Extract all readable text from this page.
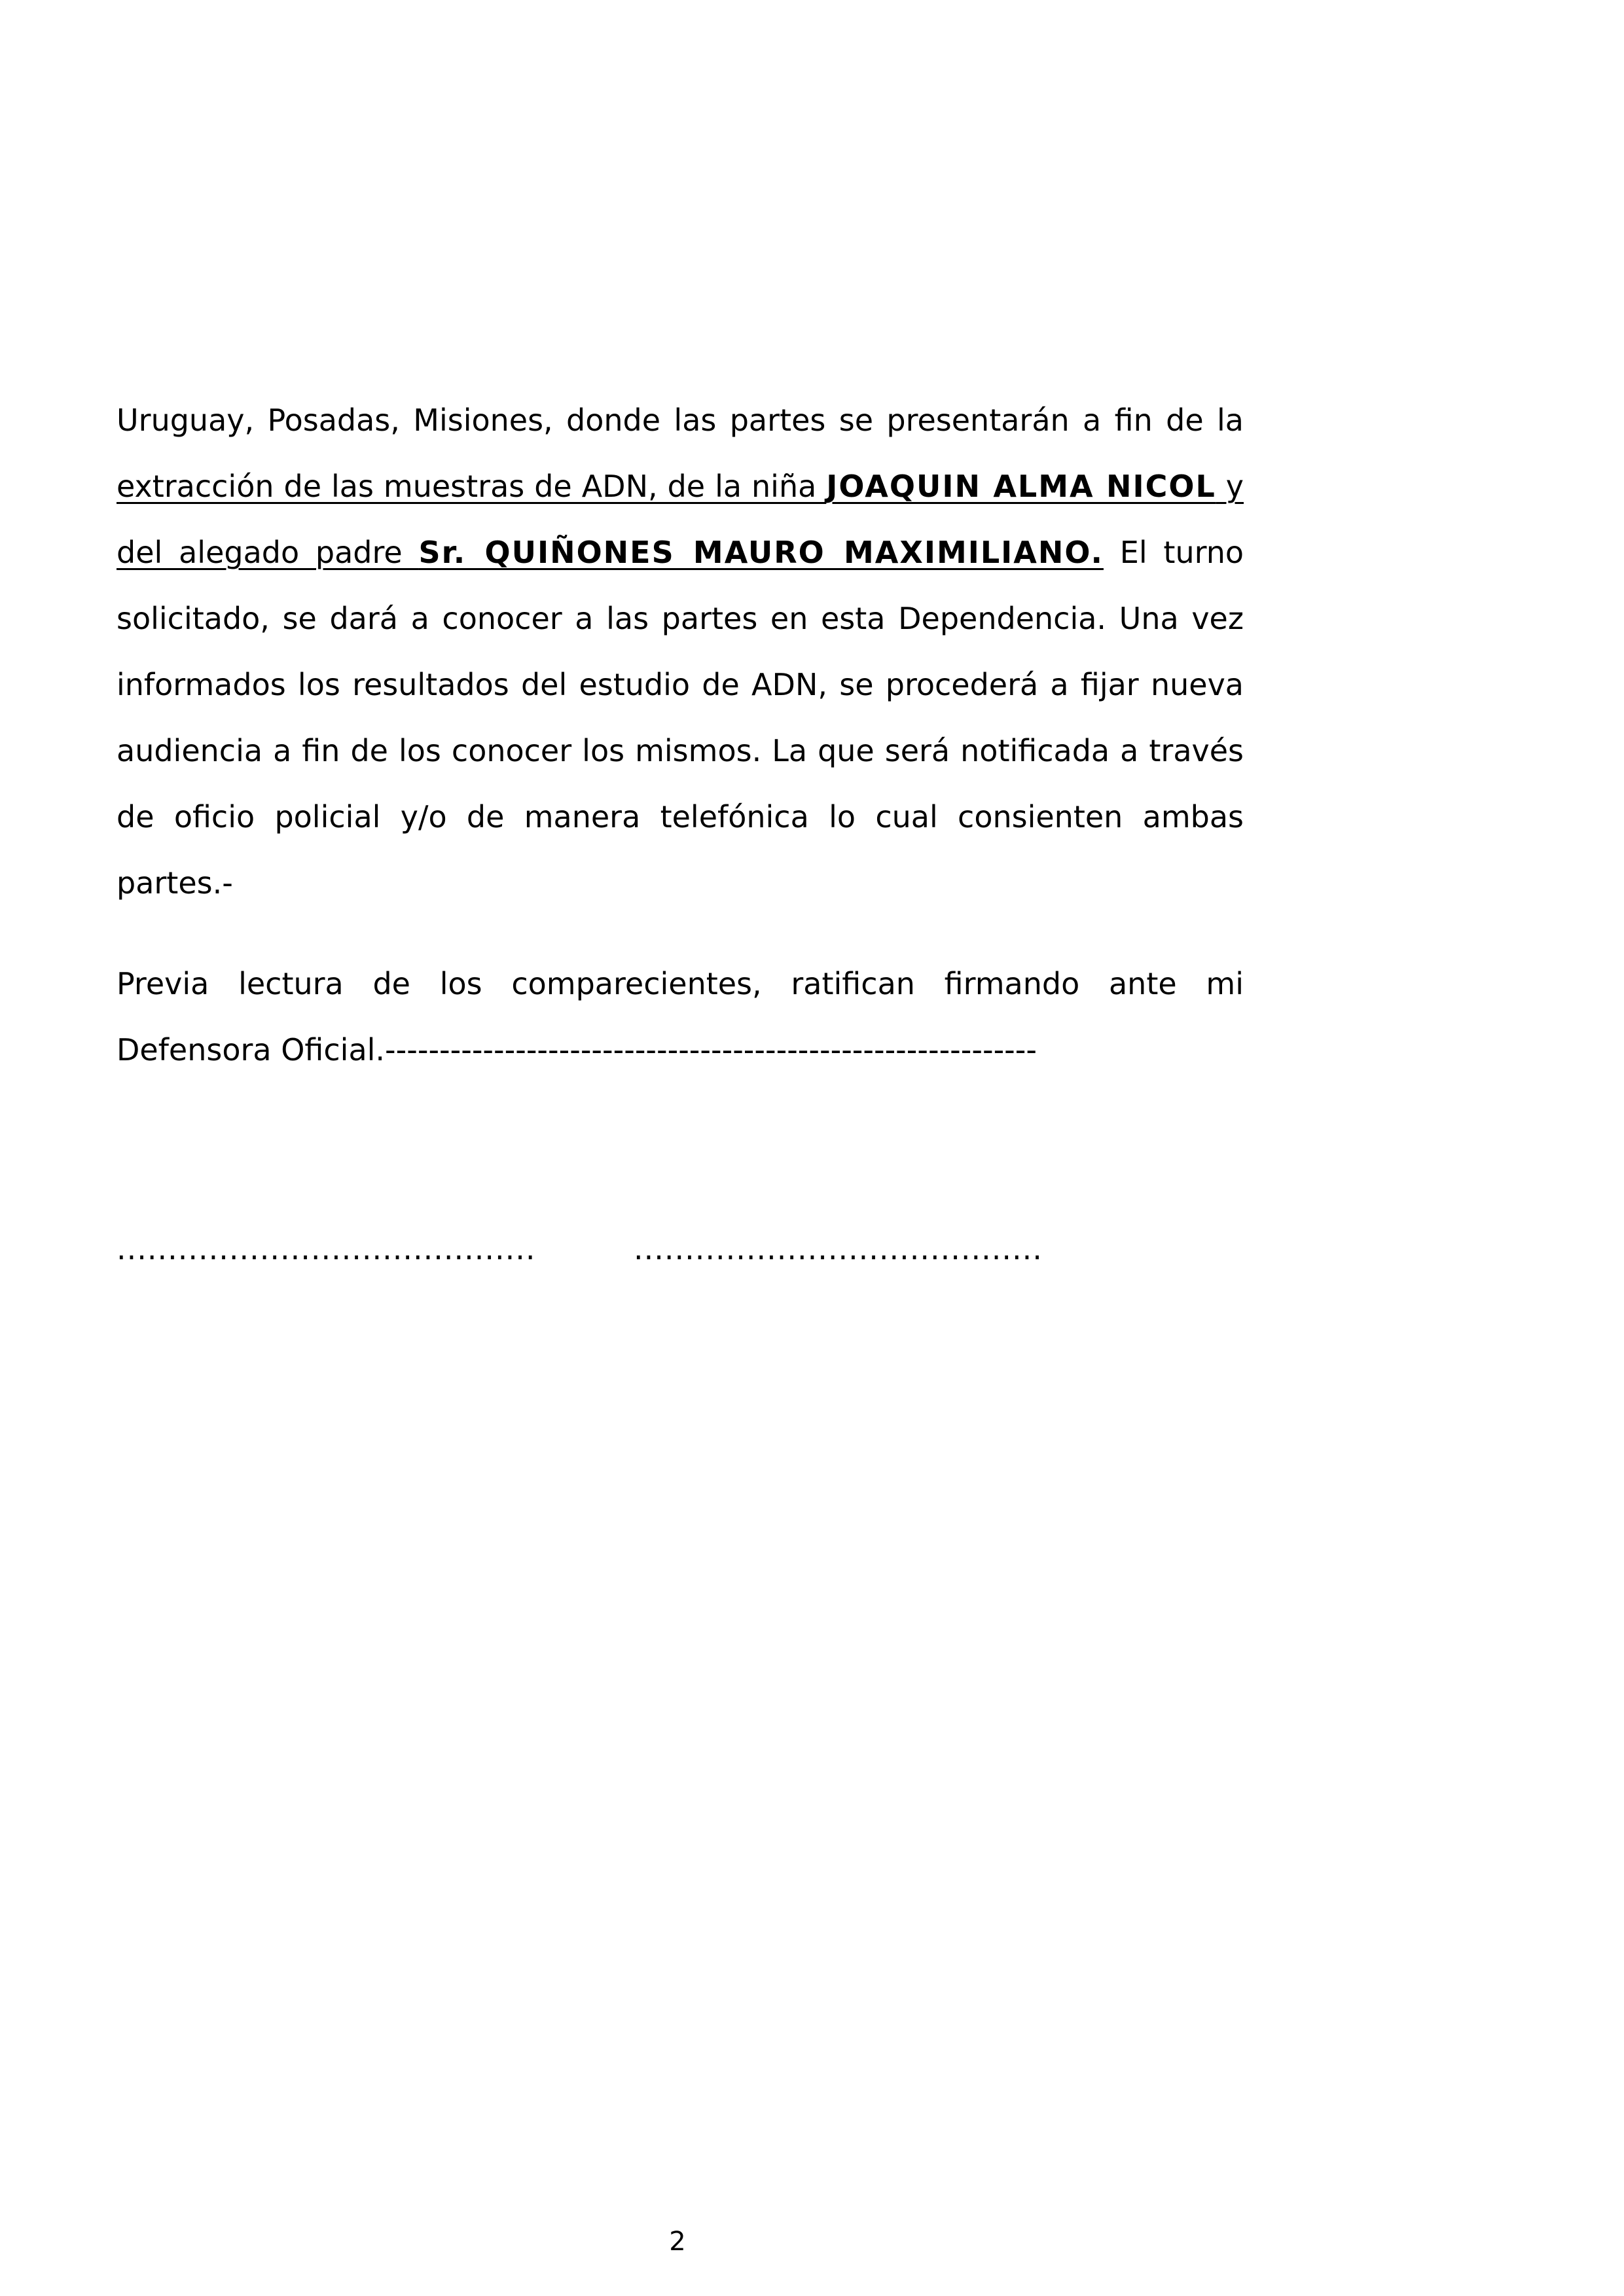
Uruguay, Posadas, Misiones, donde las partes se presentarán a fin de la extracción de las muestras de ADN, de la niña JOAQUIN ALMA NICOL y del alegado padre Sr. QUIÑONES MAURO MAXIMILIANO. El turno solicitado, se dará a conocer a las partes en esta Dependencia. Una vez informados los resultados del estudio de ADN, se procederá a fijar nueva audiencia a fin de los conocer los mismos. La que será notificada a través de oficio policial y/o de manera telefónica lo cual consienten ambas partes.-

Previa lectura de los comparecientes, ratifican firmando ante mi Defensora Oficial.------------------------------------------------------------

.........................................	........................................
2
